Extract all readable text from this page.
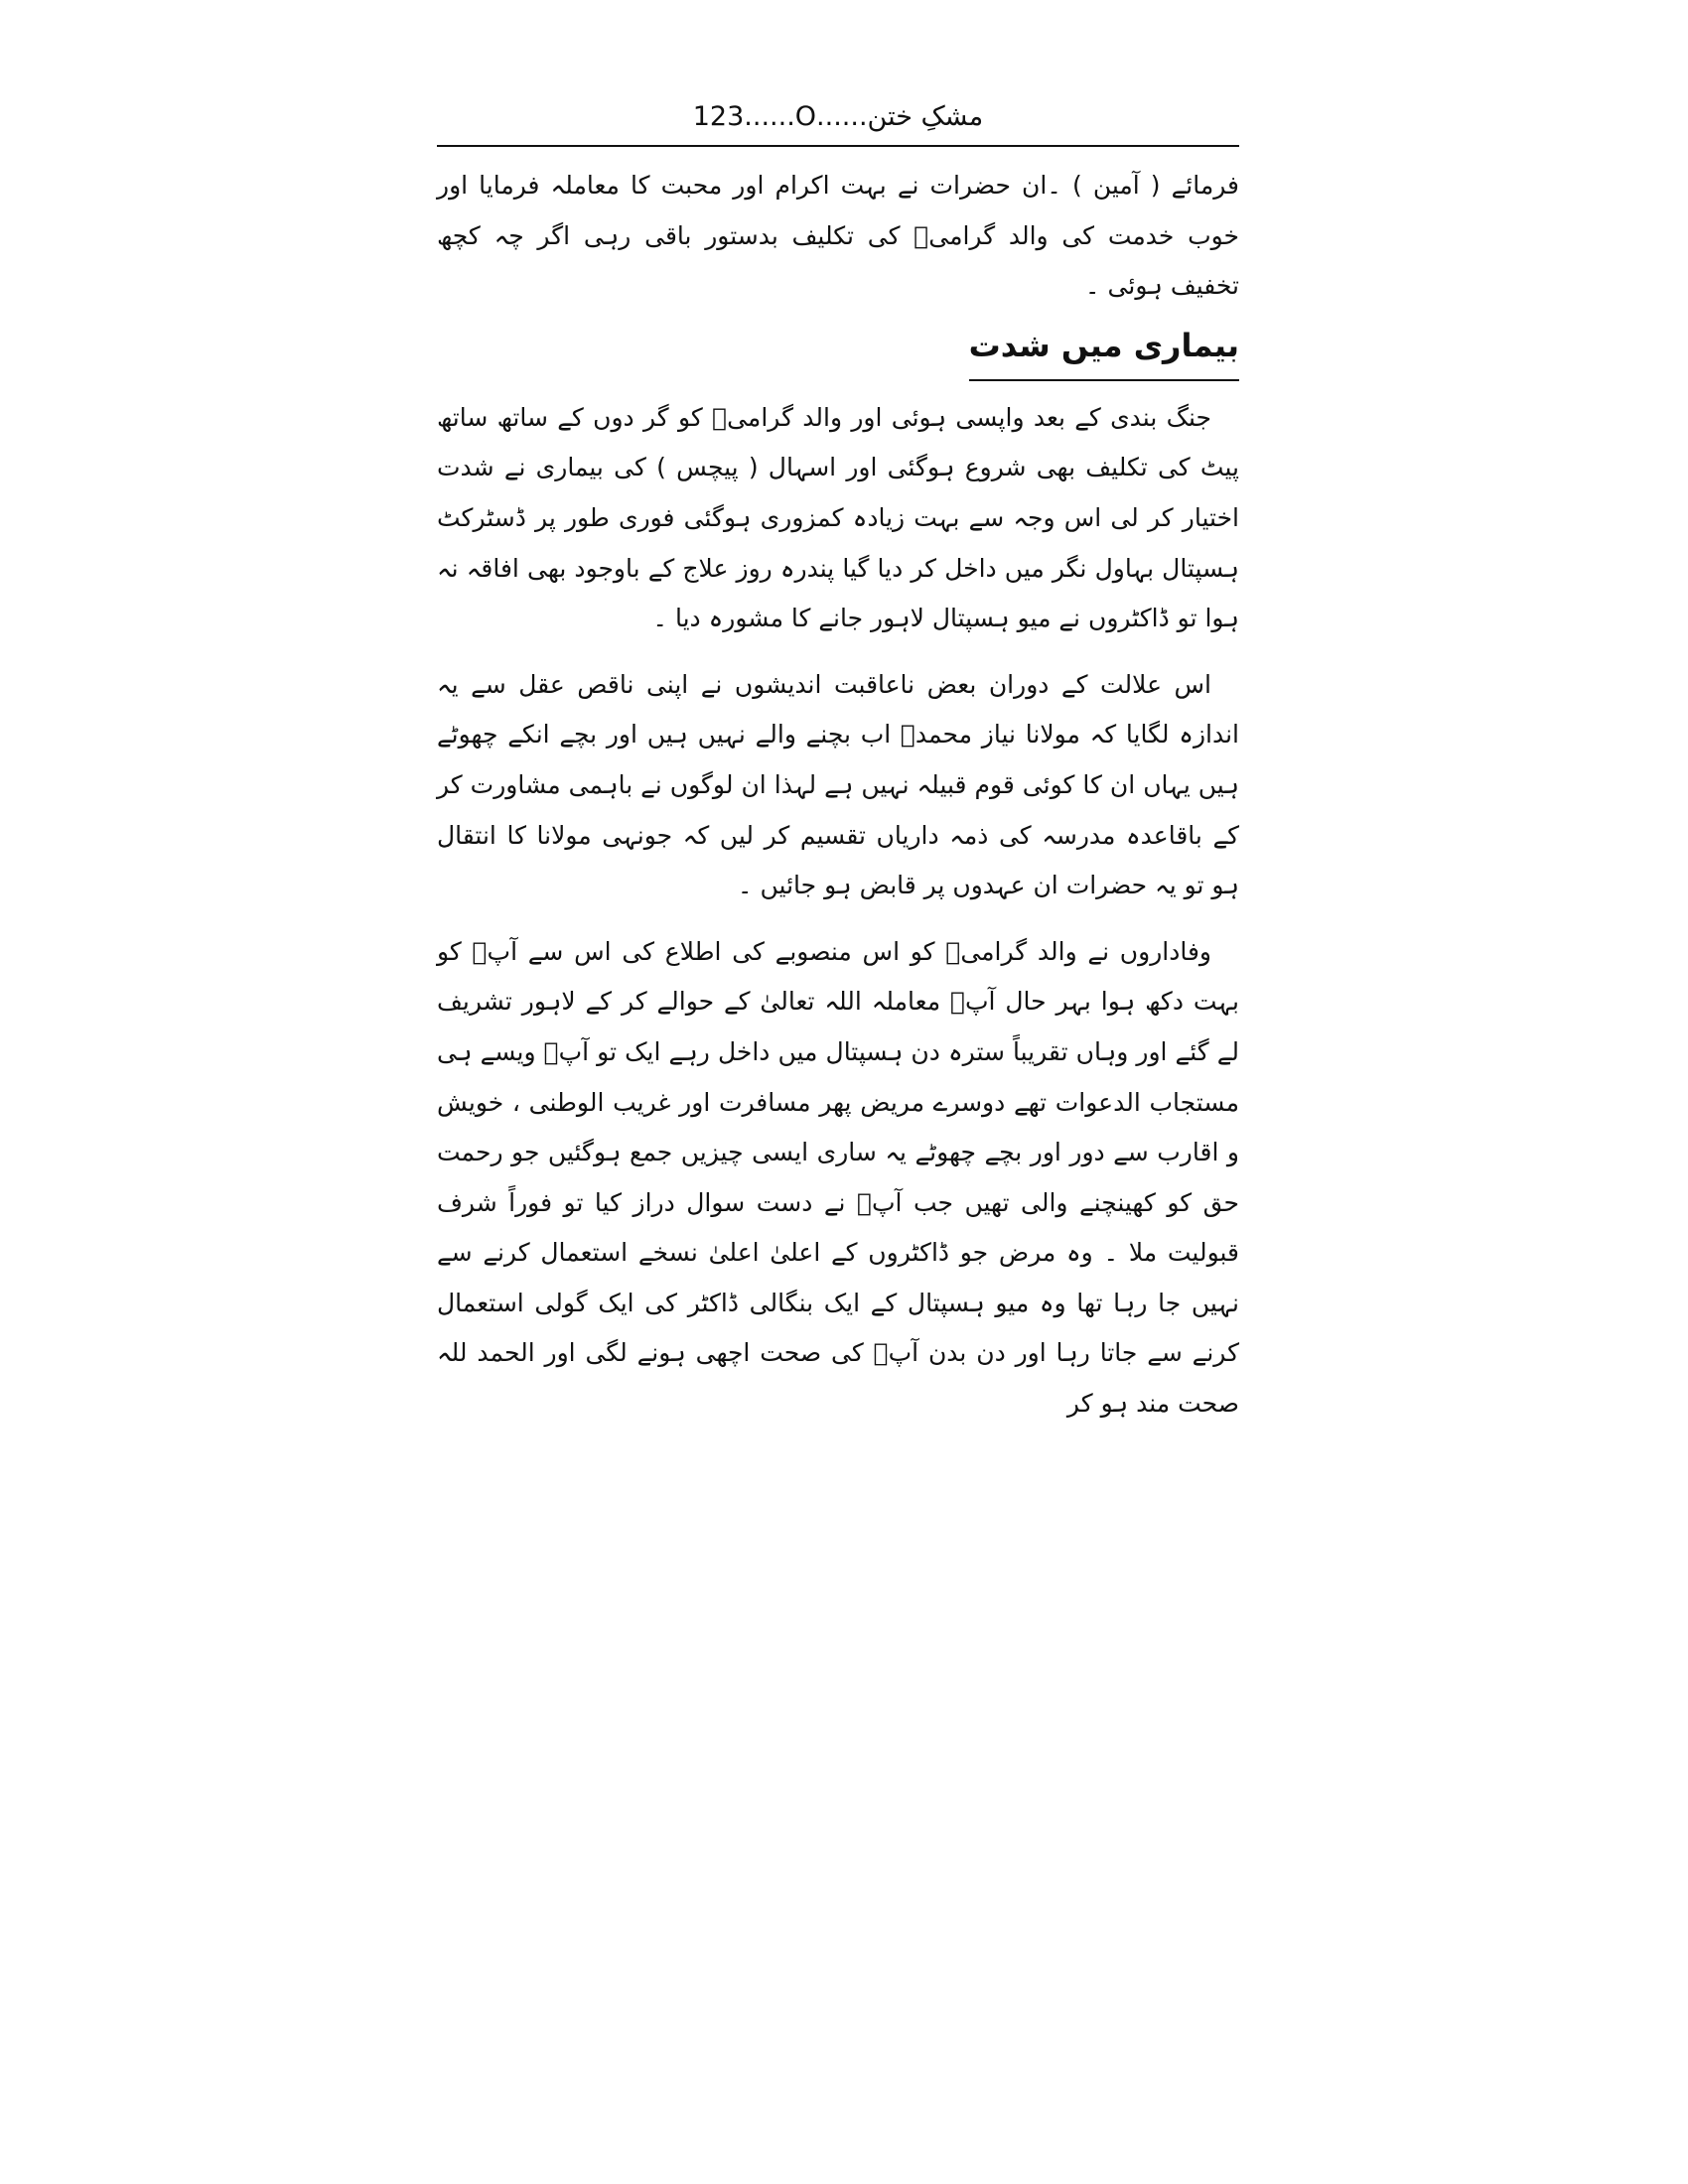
مشکِ ختن......O......123

فرمائے ( آمین ) ۔ان حضرات نے بہت اکرام اور محبت کا معاملہ فرمایا اور خوب خدمت کی والد گرامیؒ کی تکلیف بدستور باقی رہی اگر چہ کچھ تخفیف ہوئی ۔

بیماری میں شدت

جنگ بندی کے بعد واپسی ہوئی اور والد گرامیؒ کو گر دوں کے ساتھ ساتھ پیٹ کی تکلیف بھی شروع ہوگئی اور اسہال ( پیچس ) کی بیماری نے شدت اختیار کر لی اس وجہ سے بہت زیادہ کمزوری ہوگئی فوری طور پر ڈسٹرکٹ ہسپتال بہاول نگر میں داخل کر دیا گیا پندرہ روز علاج کے باوجود بھی افاقہ نہ ہوا تو ڈاکٹروں نے میو ہسپتال لاہور جانے کا مشورہ دیا ۔

اس علالت کے دوران بعض ناعاقبت اندیشوں نے اپنی ناقص عقل سے یہ اندازہ لگایا کہ مولانا نیاز محمدؒ اب بچنے والے نہیں ہیں اور بچے انکے چھوٹے ہیں یہاں ان کا کوئی قوم قبیلہ نہیں ہے لہذا ان لوگوں نے باہمی مشاورت کر کے باقاعدہ مدرسہ کی ذمہ داریاں تقسیم کر لیں کہ جونہی مولانا کا انتقال ہو تو یہ حضرات ان عہدوں پر قابض ہو جائیں ۔

وفاداروں نے والد گرامیؒ کو اس منصوبے کی اطلاع کی اس سے آپؒ کو بہت دکھ ہوا بہر حال آپؒ معاملہ اللہ تعالیٰ کے حوالے کر کے لاہور تشریف لے گئے اور وہاں تقریباً سترہ دن ہسپتال میں داخل رہے ایک تو آپؒ ویسے ہی مستجاب الدعوات تھے دوسرے مریض پھر مسافرت اور غریب الوطنی ، خویش و اقارب سے دور اور بچے چھوٹے یہ ساری ایسی چیزیں جمع ہوگئیں جو رحمت حق کو کھینچنے والی تھیں جب آپؒ نے دست سوال دراز کیا تو فوراً شرف قبولیت ملا ۔ وہ مرض جو ڈاکٹروں کے اعلیٰ اعلیٰ نسخے استعمال کرنے سے نہیں جا رہا تھا وہ میو ہسپتال کے ایک بنگالی ڈاکٹر کی ایک گولی استعمال کرنے سے جاتا رہا اور دن بدن آپؒ کی صحت اچھی ہونے لگی اور الحمد للہ صحت مند ہو کر
